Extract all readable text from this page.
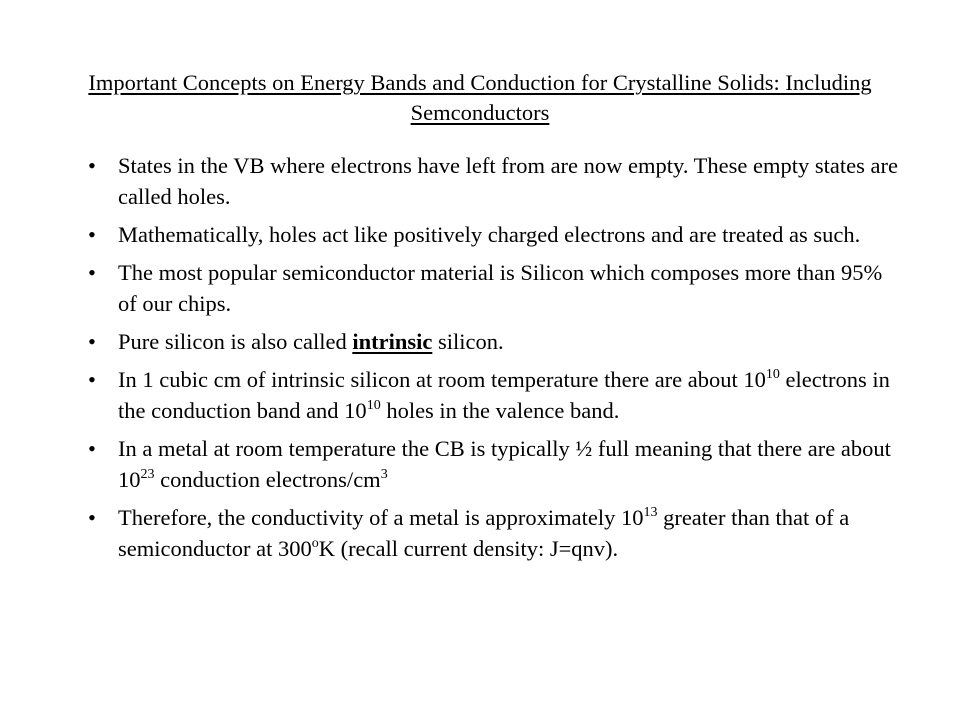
Important Concepts on Energy Bands and Conduction for Crystalline Solids: Including Semconductors
• States in the VB where electrons have left from are now empty. These empty states are called holes.
• Mathematically, holes act like positively charged electrons and are treated as such.
• The most popular semiconductor material is Silicon which composes more than 95% of our chips.
• Pure silicon is also called intrinsic silicon.
• In 1 cubic cm of intrinsic silicon at room temperature there are about $10^{10}$ electrons in the conduction band and $10^{10}$ holes in the valence band.
• In a metal at room temperature the CB is typically ½ full meaning that there are about $10^{23}$ conduction electrons/$cm^3$
• Therefore, the conductivity of a metal is approximately $10^{13}$ greater than that of a semiconductor at 300$^o$K (recall current density: J=qnv).
